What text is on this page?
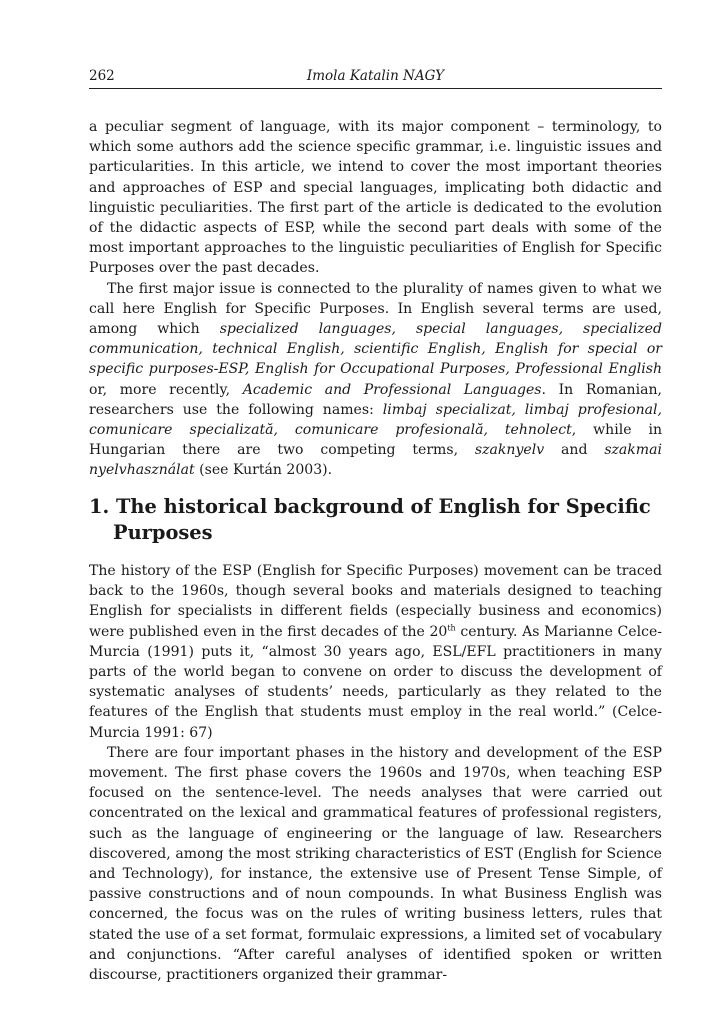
262	Imola Katalin NAGY

a peculiar segment of language, with its major component – terminology, to which some authors add the science specific grammar, i.e. linguistic issues and particularities. In this article, we intend to cover the most important theories and approaches of ESP and special languages, implicating both didactic and linguistic peculiarities. The first part of the article is dedicated to the evolution of the didactic aspects of ESP, while the second part deals with some of the most important approaches to the linguistic peculiarities of English for Specific Purposes over the past decades.

The first major issue is connected to the plurality of names given to what we call here English for Specific Purposes. In English several terms are used, among which specialized languages, special languages, specialized communication, technical English, scientific English, English for special or specific purposes-ESP, English for Occupational Purposes, Professional English or, more recently, Academic and Professional Languages. In Romanian, researchers use the following names: limbaj specializat, limbaj profesional, comunicare specializată, comunicare profesională, tehnolect, while in Hungarian there are two competing terms, szaknyelv and szakmai nyelvhasználat (see Kurtán 2003).

1. The historical background of English for Specific Purposes

The history of the ESP (English for Specific Purposes) movement can be traced back to the 1960s, though several books and materials designed to teaching English for specialists in different fields (especially business and economics) were published even in the first decades of the 20th century. As Marianne Celce-Murcia (1991) puts it, “almost 30 years ago, ESL/EFL practitioners in many parts of the world began to convene on order to discuss the development of systematic analyses of students’ needs, particularly as they related to the features of the English that students must employ in the real world.” (Celce-Murcia 1991: 67)

There are four important phases in the history and development of the ESP movement. The first phase covers the 1960s and 1970s, when teaching ESP focused on the sentence-level. The needs analyses that were carried out concentrated on the lexical and grammatical features of professional registers, such as the language of engineering or the language of law. Researchers discovered, among the most striking characteristics of EST (English for Science and Technology), for instance, the extensive use of Present Tense Simple, of passive constructions and of noun compounds. In what Business English was concerned, the focus was on the rules of writing business letters, rules that stated the use of a set format, formulaic expressions, a limited set of vocabulary and conjunctions. “After careful analyses of identified spoken or written discourse, practitioners organized their grammar-
